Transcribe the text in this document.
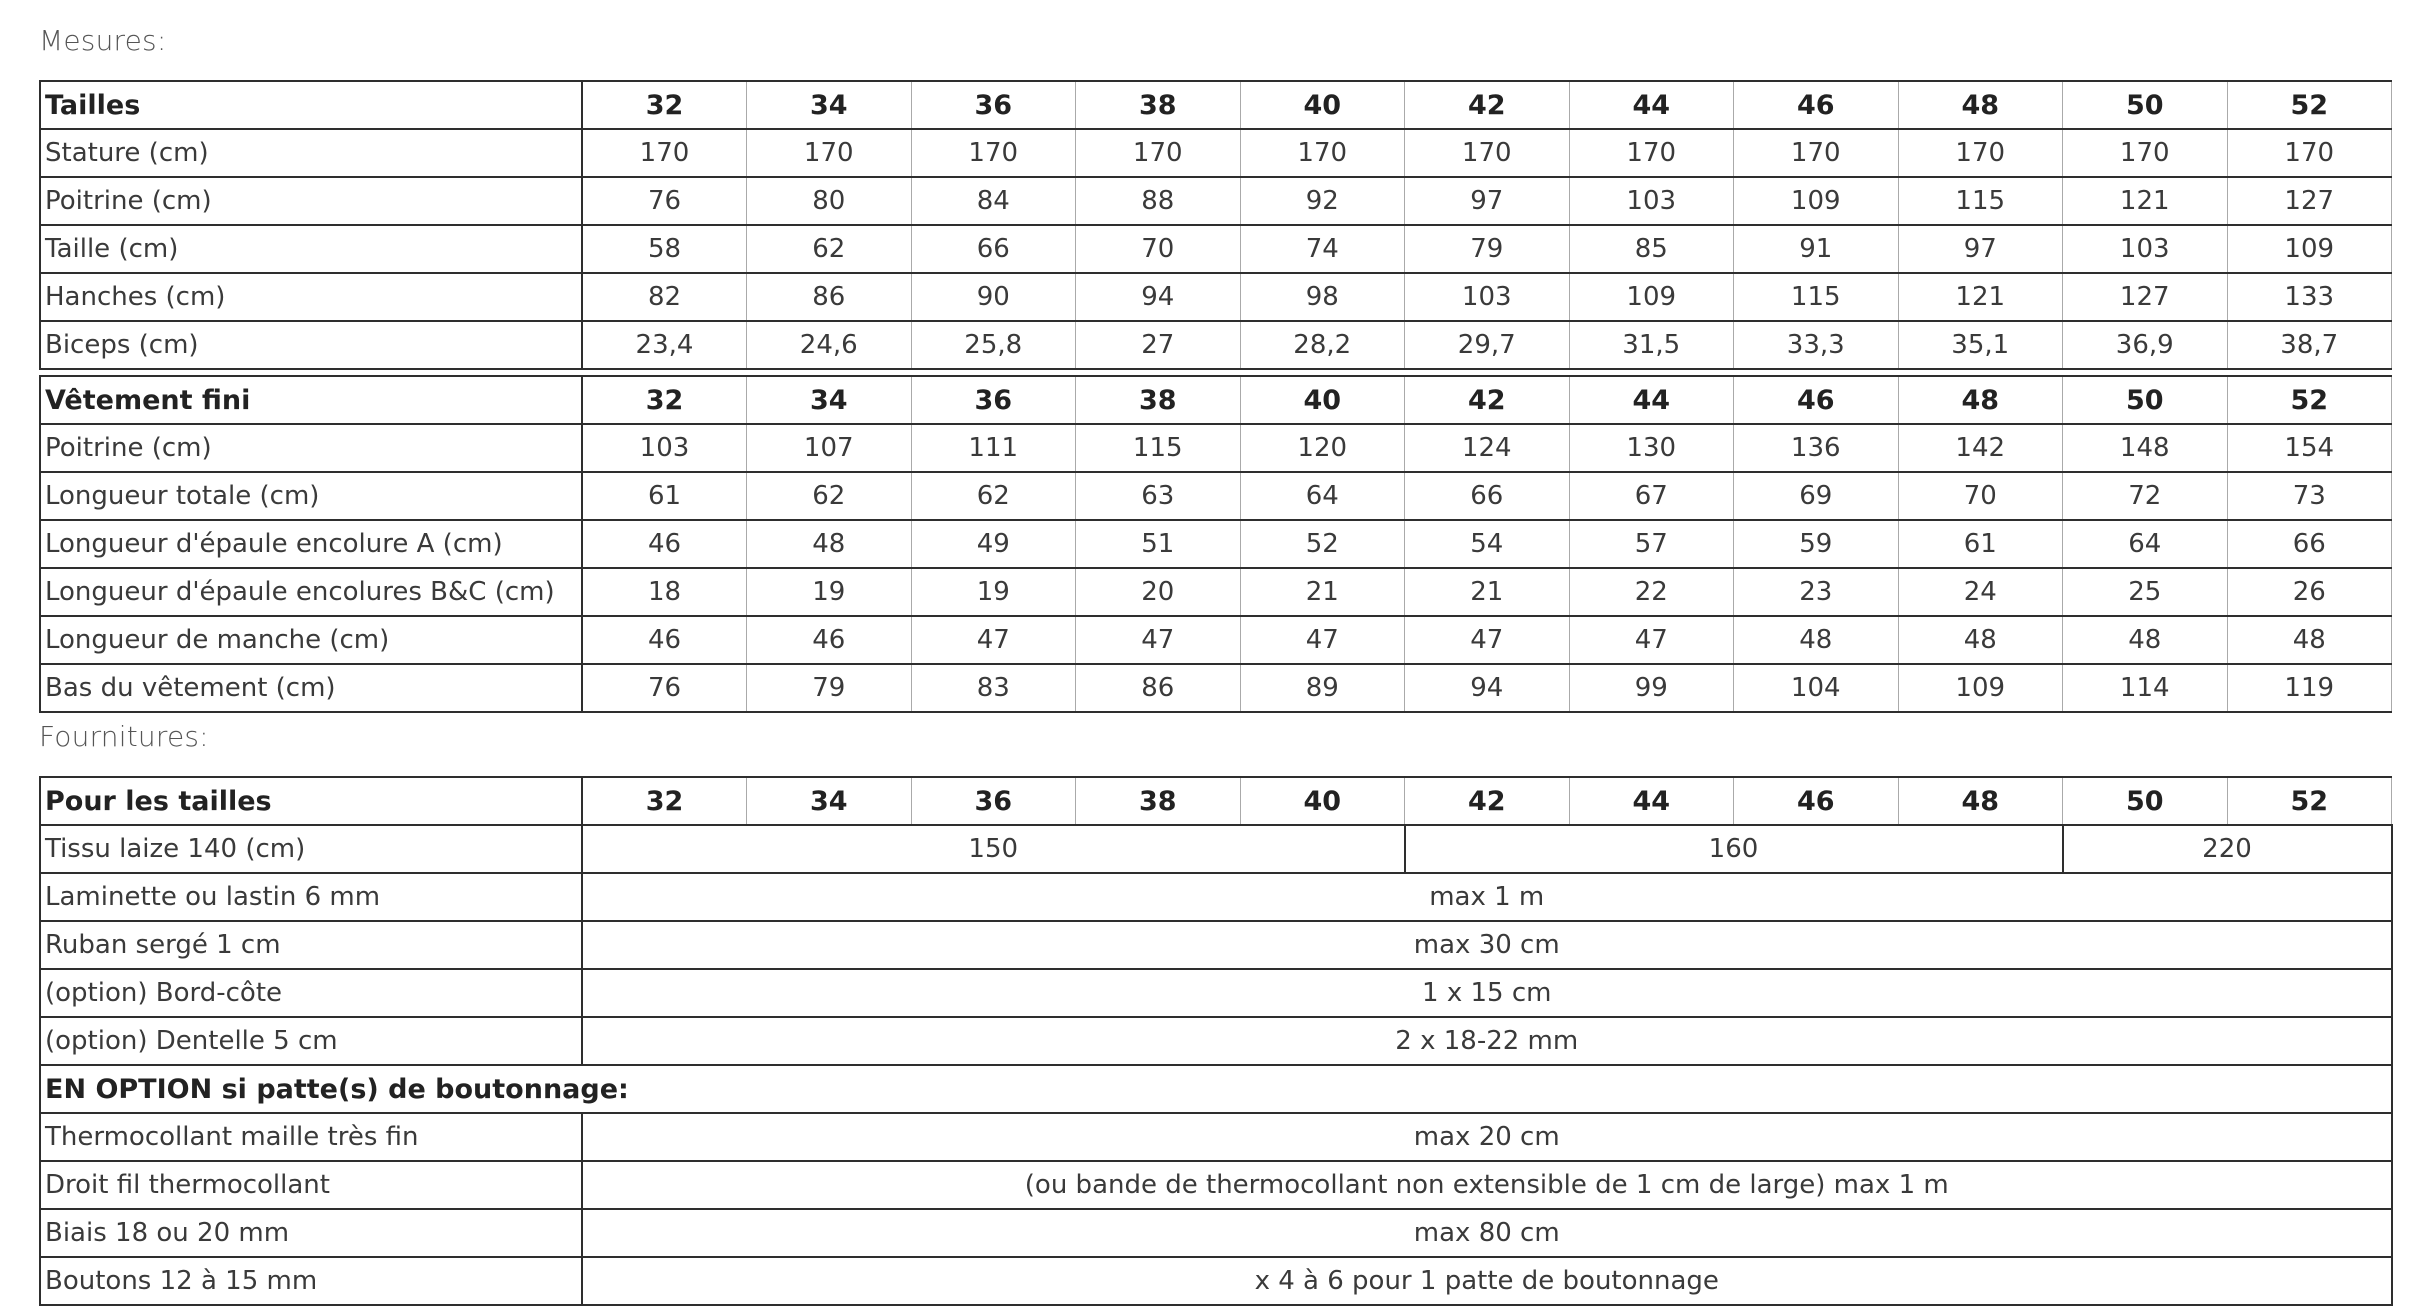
Mesures:
Tailles	32	34	36	38	40	42	44	46	48	50	52
Stature (cm)	170	170	170	170	170	170	170	170	170	170	170
Poitrine (cm)	76	80	84	88	92	97	103	109	115	121	127
Taille (cm)	58	62	66	70	74	79	85	91	97	103	109
Hanches (cm)	82	86	90	94	98	103	109	115	121	127	133
Biceps (cm)	23,4	24,6	25,8	27	28,2	29,7	31,5	33,3	35,1	36,9	38,7
Vêtement fini	32	34	36	38	40	42	44	46	48	50	52
Poitrine (cm)	103	107	111	115	120	124	130	136	142	148	154
Longueur totale (cm)	61	62	62	63	64	66	67	69	70	72	73
Longueur d'épaule encolure A (cm)	46	48	49	51	52	54	57	59	61	64	66
Longueur d'épaule encolures B&C (cm)	18	19	19	20	21	21	22	23	24	25	26
Longueur de manche (cm)	46	46	47	47	47	47	47	48	48	48	48
Bas du vêtement (cm)	76	79	83	86	89	94	99	104	109	114	119
Fournitures:
Pour les tailles	32	34	36	38	40	42	44	46	48	50	52
Tissu laize 140 (cm)	150					160				220	
Laminette ou lastin 6 mm	max 1 m										
Ruban sergé 1 cm	max 30 cm										
(option) Bord-côte	1 x 15 cm										
(option) Dentelle 5 cm	2 x 18-22 mm										
EN OPTION si patte(s) de boutonnage:											
Thermocollant maille très fin	max 20 cm										
Droit fil thermocollant	(ou bande de thermocollant non extensible de 1 cm de large) max 1 m										
Biais 18 ou 20 mm	max 80 cm										
Boutons 12 à 15 mm	x 4 à 6 pour 1 patte de boutonnage										
